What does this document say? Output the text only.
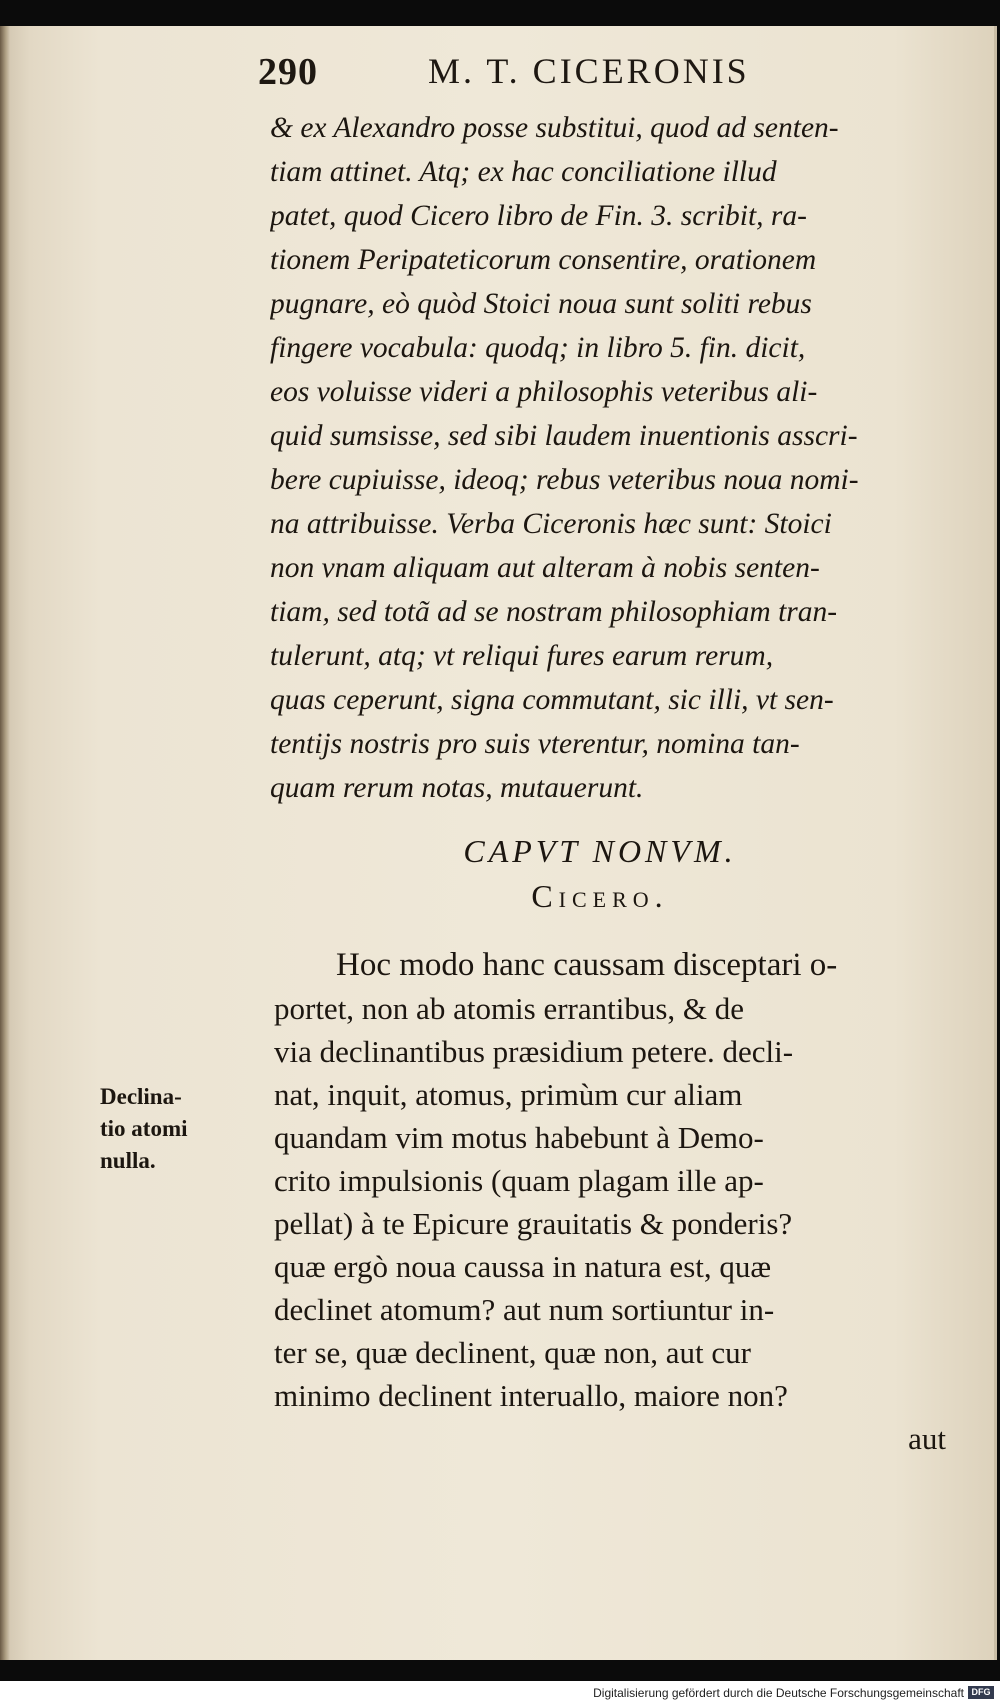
290	M. T. CICERONIS
& ex Alexandro posse substitui, quod ad senten-
tiam attinet. Atq; ex hac conciliatione illud
patet, quod Cicero libro de Fin. 3. scribit, ra-
tionem Peripateticorum consentire, orationem
pugnare, eò quòd Stoici noua sunt soliti rebus
fingere vocabula: quodq; in libro 5. fin. dicit,
eos voluisse videri a philosophis veteribus ali-
quid sumsisse, sed sibi laudem inuentionis asscri-
bere cupiuisse, ideoq; rebus veteribus noua nomi-
na attribuisse. Verba Ciceronis hæc sunt: Stoici
non vnam aliquam aut alteram à nobis senten-
tiam, sed totã ad se nostram philosophiam tran-
tulerunt, atq; vt reliqui fures earum rerum,
quas ceperunt, signa commutant, sic illi, vt sen-
tentijs nostris pro suis vterentur, nomina tan-
quam rerum notas, mutauerunt.
CAPVT NONVM.
Cicero.
Declina-
tio atomi
nulla.
Hoc modo hanc caussam disceptari o-
portet, non ab atomis errantibus, & de
via declinantibus præsidium petere. decli-
nat, inquit, atomus, primùm cur aliam
quandam vim motus habebunt à Demo-
crito impulsionis (quam plagam ille ap-
pellat) à te Epicure grauitatis & ponderis?
quæ ergò noua caussa in natura est, quæ
declinet atomum? aut num sortiuntur in-
ter se, quæ declinent, quæ non, aut cur
minimo declinent interuallo, maiore non?
aut
Digitalisierung gefördert durch die Deutsche Forschungsgemeinschaft DFG
